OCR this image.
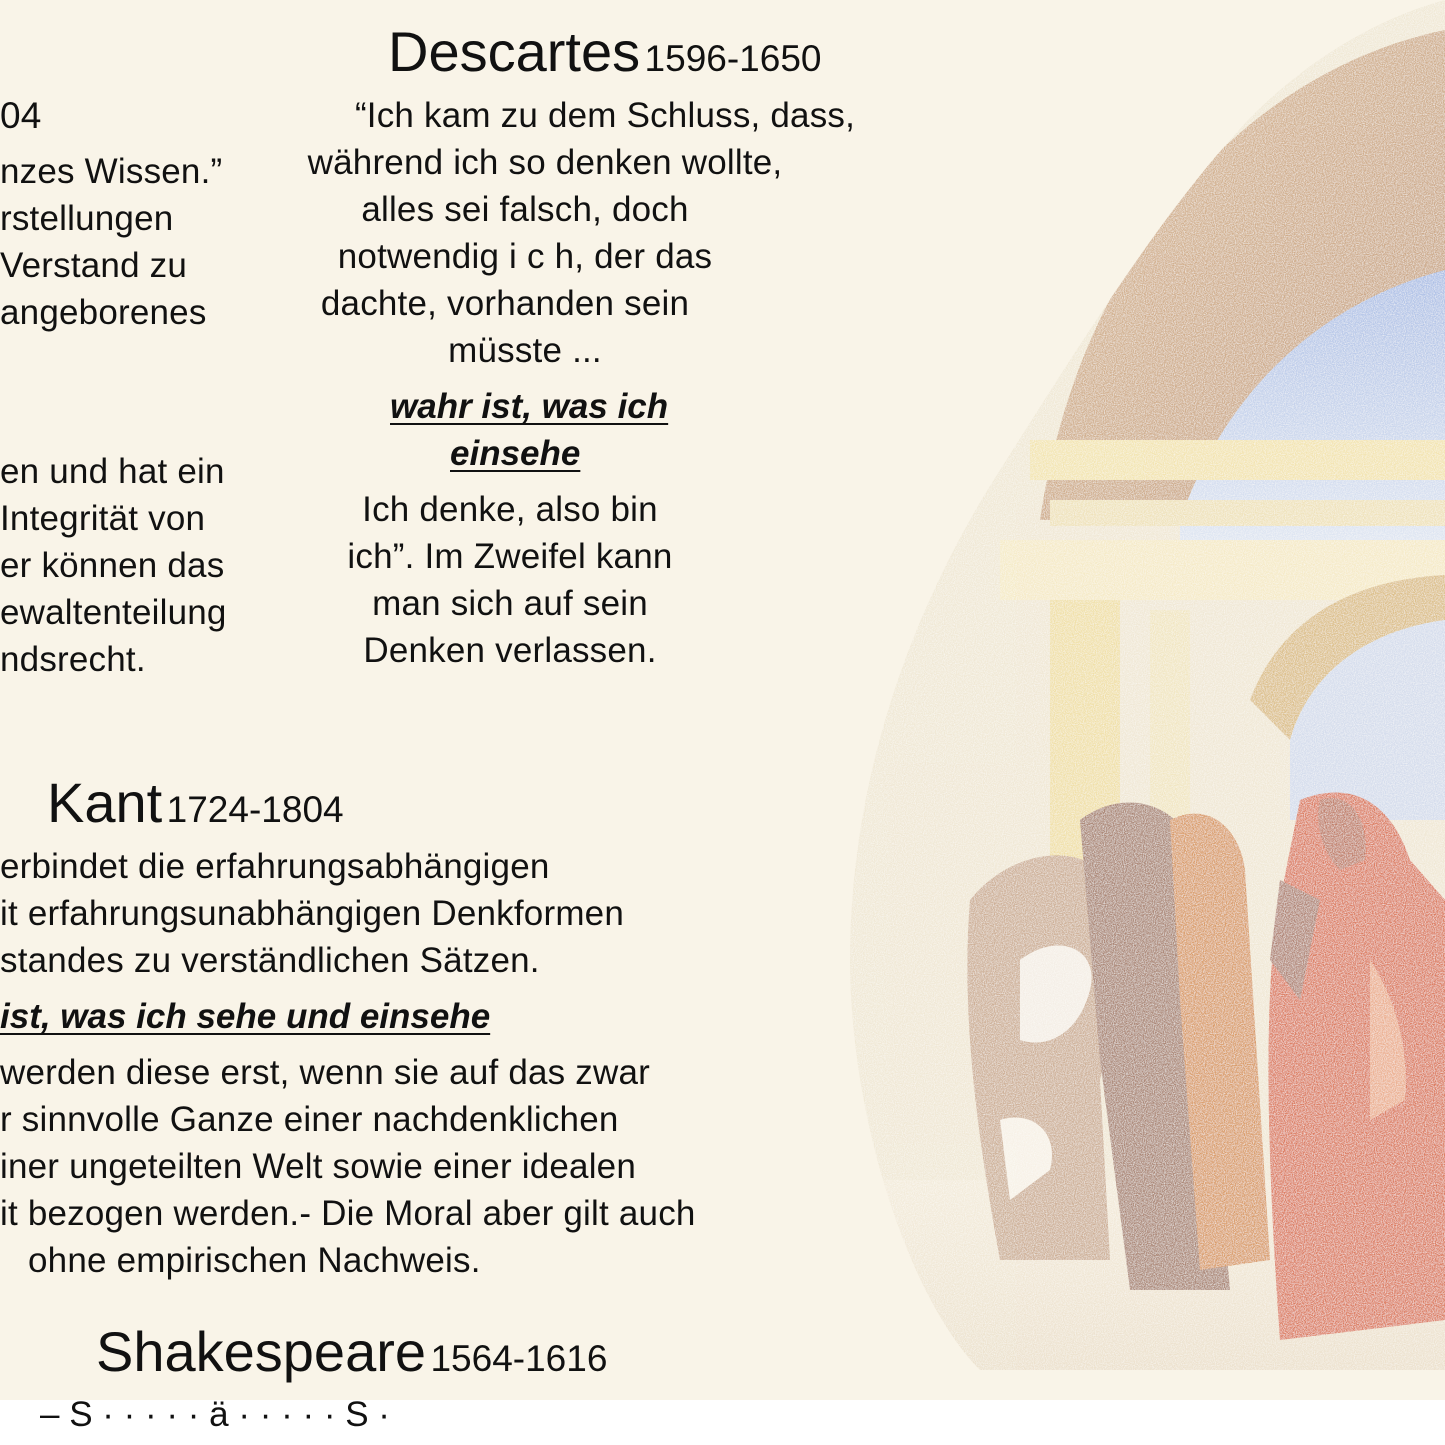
04
nzes Wissen.”
rstellungen
Verstand zu
angeborenes
en und hat ein
Integrität von
er können das
ewaltenteilung
ndsrecht.
Descartes 1596-1650
“Ich kam zu dem Schluss, dass,
während ich so denken wollte,
alles sei falsch, doch
notwendig i c h, der das
dachte, vorhanden sein
müsste ...
wahr ist, was ich
einsehe
Ich denke, also bin
ich”. Im Zweifel kann
man sich auf sein
Denken verlassen.
Kant 1724-1804
erbindet die erfahrungsabhängigen
it erfahrungsunabhängigen Denkformen
standes zu verständlichen Sätzen.
ist, was ich sehe und einsehe
werden diese erst, wenn sie auf das zwar
r sinnvolle Ganze einer nachdenklichen
iner ungeteilten Welt sowie einer idealen
it bezogen werden.- Die Moral aber gilt auch
ohne empirischen Nachweis.
Shakespeare 1564-1616
– S · · · · · ä · · · · · S ·
